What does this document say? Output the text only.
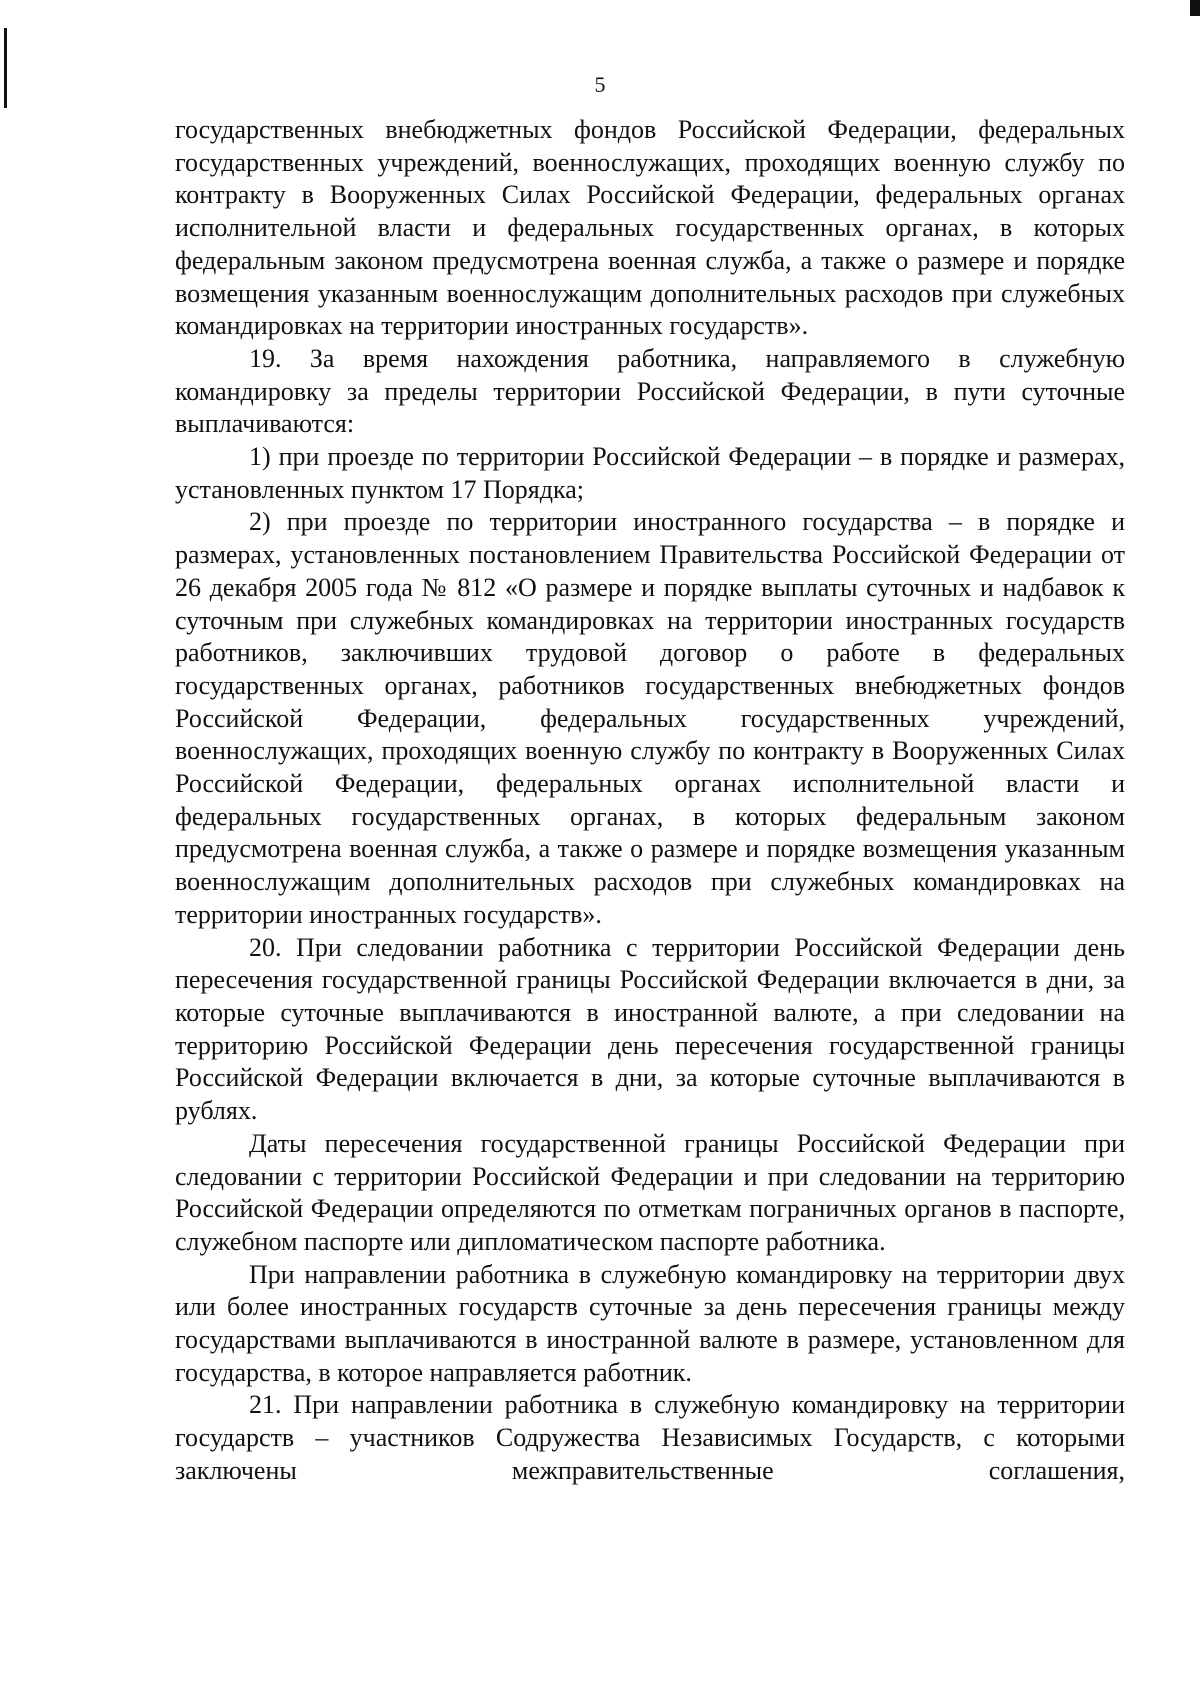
5

государственных внебюджетных фондов Российской Федерации, федеральных государственных учреждений, военнослужащих, проходящих военную службу по контракту в Вооруженных Силах Российской Федерации, федеральных органах исполнительной власти и федеральных государственных органах, в которых федеральным законом предусмотрена военная служба, а также о размере и порядке возмещения указанным военнослужащим дополнительных расходов при служебных командировках на территории иностранных государств».

19. За время нахождения работника, направляемого в служебную командировку за пределы территории Российской Федерации, в пути суточные выплачиваются:

1) при проезде по территории Российской Федерации – в порядке и размерах, установленных пунктом 17 Порядка;

2) при проезде по территории иностранного государства – в порядке и размерах, установленных постановлением Правительства Российской Федерации от 26 декабря 2005 года № 812 «О размере и порядке выплаты суточных и надбавок к суточным при служебных командировках на территории иностранных государств работников, заключивших трудовой договор о работе в федеральных государственных органах, работников государственных внебюджетных фондов Российской Федерации, федеральных государственных учреждений, военнослужащих, проходящих военную службу по контракту в Вооруженных Силах Российской Федерации, федеральных органах исполнительной власти и федеральных государственных органах, в которых федеральным законом предусмотрена военная служба, а также о размере и порядке возмещения указанным военнослужащим дополнительных расходов при служебных командировках на территории иностранных государств».

20. При следовании работника с территории Российской Федерации день пересечения государственной границы Российской Федерации включается в дни, за которые суточные выплачиваются в иностранной валюте, а при следовании на территорию Российской Федерации день пересечения государственной границы Российской Федерации включается в дни, за которые суточные выплачиваются в рублях.

Даты пересечения государственной границы Российской Федерации при следовании с территории Российской Федерации и при следовании на территорию Российской Федерации определяются по отметкам пограничных органов в паспорте, служебном паспорте или дипломатическом паспорте работника.

При направлении работника в служебную командировку на территории двух или более иностранных государств суточные за день пересечения границы между государствами выплачиваются в иностранной валюте в размере, установленном для государства, в которое направляется работник.

21. При направлении работника в служебную командировку на территории государств – участников Содружества Независимых Государств, с которыми заключены межправительственные соглашения,
